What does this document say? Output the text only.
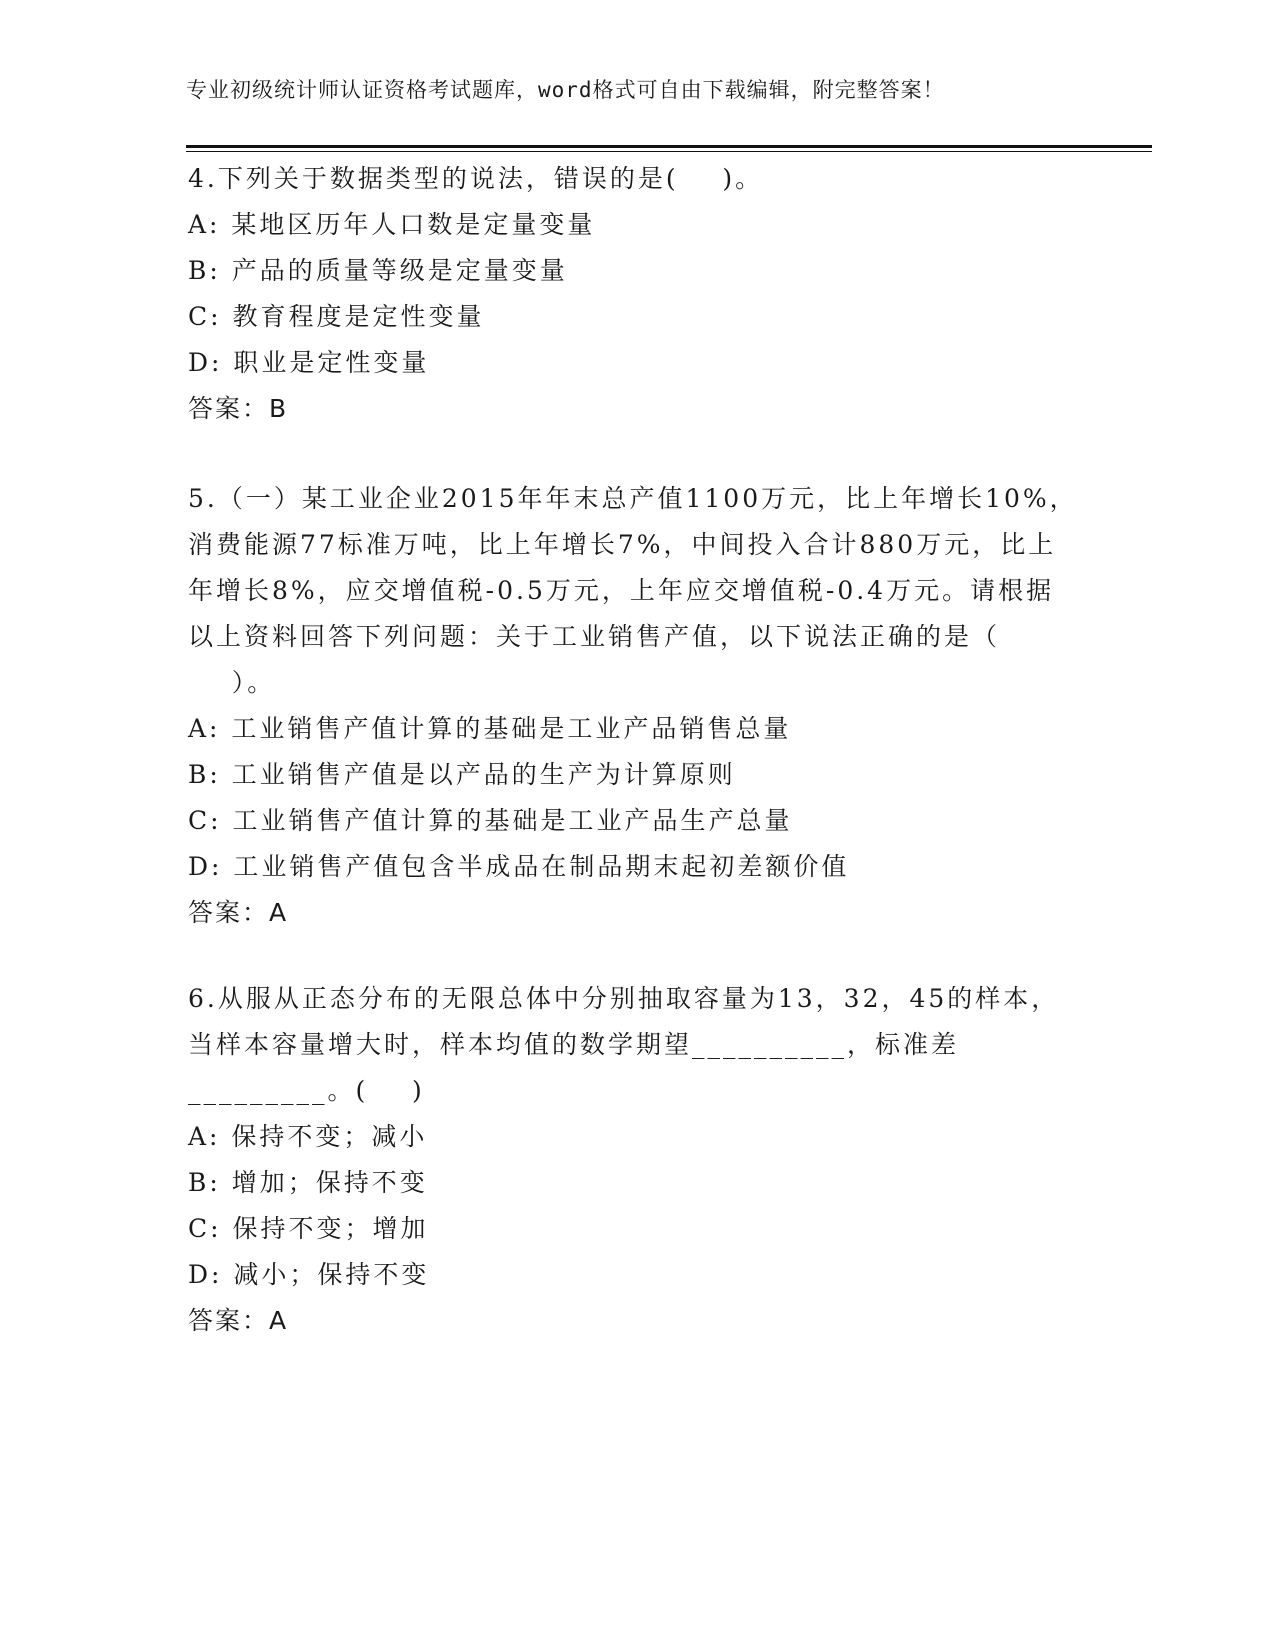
专业初级统计师认证资格考试题库，word格式可自由下载编辑，附完整答案！

4.下列关于数据类型的说法，错误的是(    )。

A: 某地区历年人口数是定量变量

B: 产品的质量等级是定量变量

C: 教育程度是定性变量

D: 职业是定性变量

答案：B

5.（一）某工业企业2015年年末总产值1100万元，比上年增长10%，

消费能源77标准万吨，比上年增长7%，中间投入合计880万元，比上

年增长8%，应交增值税-0.5万元，上年应交增值税-0.4万元。请根据

以上资料回答下列问题：关于工业销售产值，以下说法正确的是（

）。

A: 工业销售产值计算的基础是工业产品销售总量

B: 工业销售产值是以产品的生产为计算原则

C: 工业销售产值计算的基础是工业产品生产总量

D: 工业销售产值包含半成品在制品期末起初差额价值

答案：A

6.从服从正态分布的无限总体中分别抽取容量为13，32，45的样本，

当样本容量增大时，样本均值的数学期望__________，标准差

_________。(    )

A: 保持不变；减小

B: 增加；保持不变

C: 保持不变；增加

D: 减小；保持不变

答案：A
